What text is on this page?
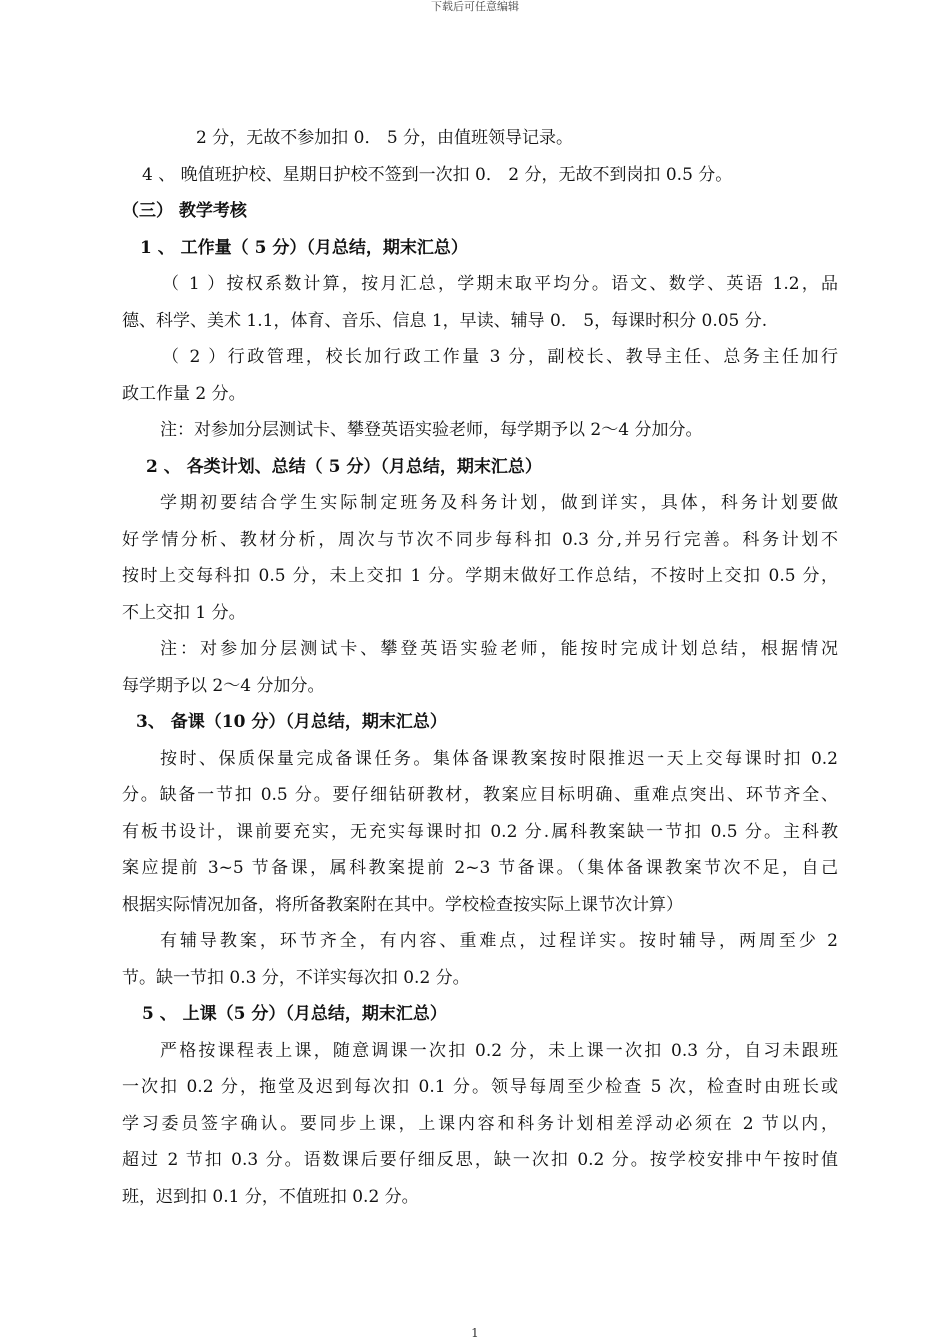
下载后可任意编辑
2 分，无故不参加扣 0． 5 分，由值班领导记录。
4 、 晚值班护校、星期日护校不签到一次扣 0． 2 分，无故不到岗扣 0.5 分。
（三） 教学考核
1 、 工作量（ 5 分）（月总结，期末汇总）
（ 1 ）按权系数计算，按月汇总，学期末取平均分。语文、数学、英语 1.2，品
德、科学、美术 1.1，体育、音乐、信息 1，早读、辅导 0． 5，每课时积分 0.05 分.
（ 2 ）行政管理，校长加行政工作量 3 分，副校长、教导主任、总务主任加行
政工作量 2 分。
注：对参加分层测试卡、攀登英语实验老师，每学期予以 2～4 分加分。
2 、 各类计划、总结（ 5 分）（月总结，期末汇总）
学期初要结合学生实际制定班务及科务计划，做到详实，具体，科务计划要做
好学情分析、教材分析，周次与节次不同步每科扣 0.3 分,并另行完善。科务计划不
按时上交每科扣 0.5 分，未上交扣 1 分。学期末做好工作总结，不按时上交扣 0.5 分，
不上交扣 1 分。
注：对参加分层测试卡、攀登英语实验老师，能按时完成计划总结，根据情况
每学期予以 2～4 分加分。
3、 备课（10 分）（月总结，期末汇总）
按时、保质保量完成备课任务。集体备课教案按时限推迟一天上交每课时扣 0.2
分。缺备一节扣 0.5 分。要仔细钻研教材，教案应目标明确、重难点突出、环节齐全、
有板书设计，课前要充实，无充实每课时扣 0.2 分.属科教案缺一节扣 0.5 分。主科教
案应提前 3~5 节备课，属科教案提前 2~3 节备课。（集体备课教案节次不足，自己
根据实际情况加备，将所备教案附在其中。学校检查按实际上课节次计算）
有辅导教案，环节齐全，有内容、重难点，过程详实。按时辅导，两周至少 2
节。缺一节扣 0.3 分，不详实每次扣 0.2 分。
5 、 上课（5 分）（月总结，期末汇总）
严格按课程表上课，随意调课一次扣 0.2 分，未上课一次扣 0.3 分，自习未跟班
一次扣 0.2 分，拖堂及迟到每次扣 0.1 分。领导每周至少检查 5 次，检查时由班长或
学习委员签字确认。要同步上课，上课内容和科务计划相差浮动必须在 2 节以内，
超过 2 节扣 0.3 分。语数课后要仔细反思，缺一次扣 0.2 分。按学校安排中午按时值
班，迟到扣 0.1 分，不值班扣 0.2 分。
1
